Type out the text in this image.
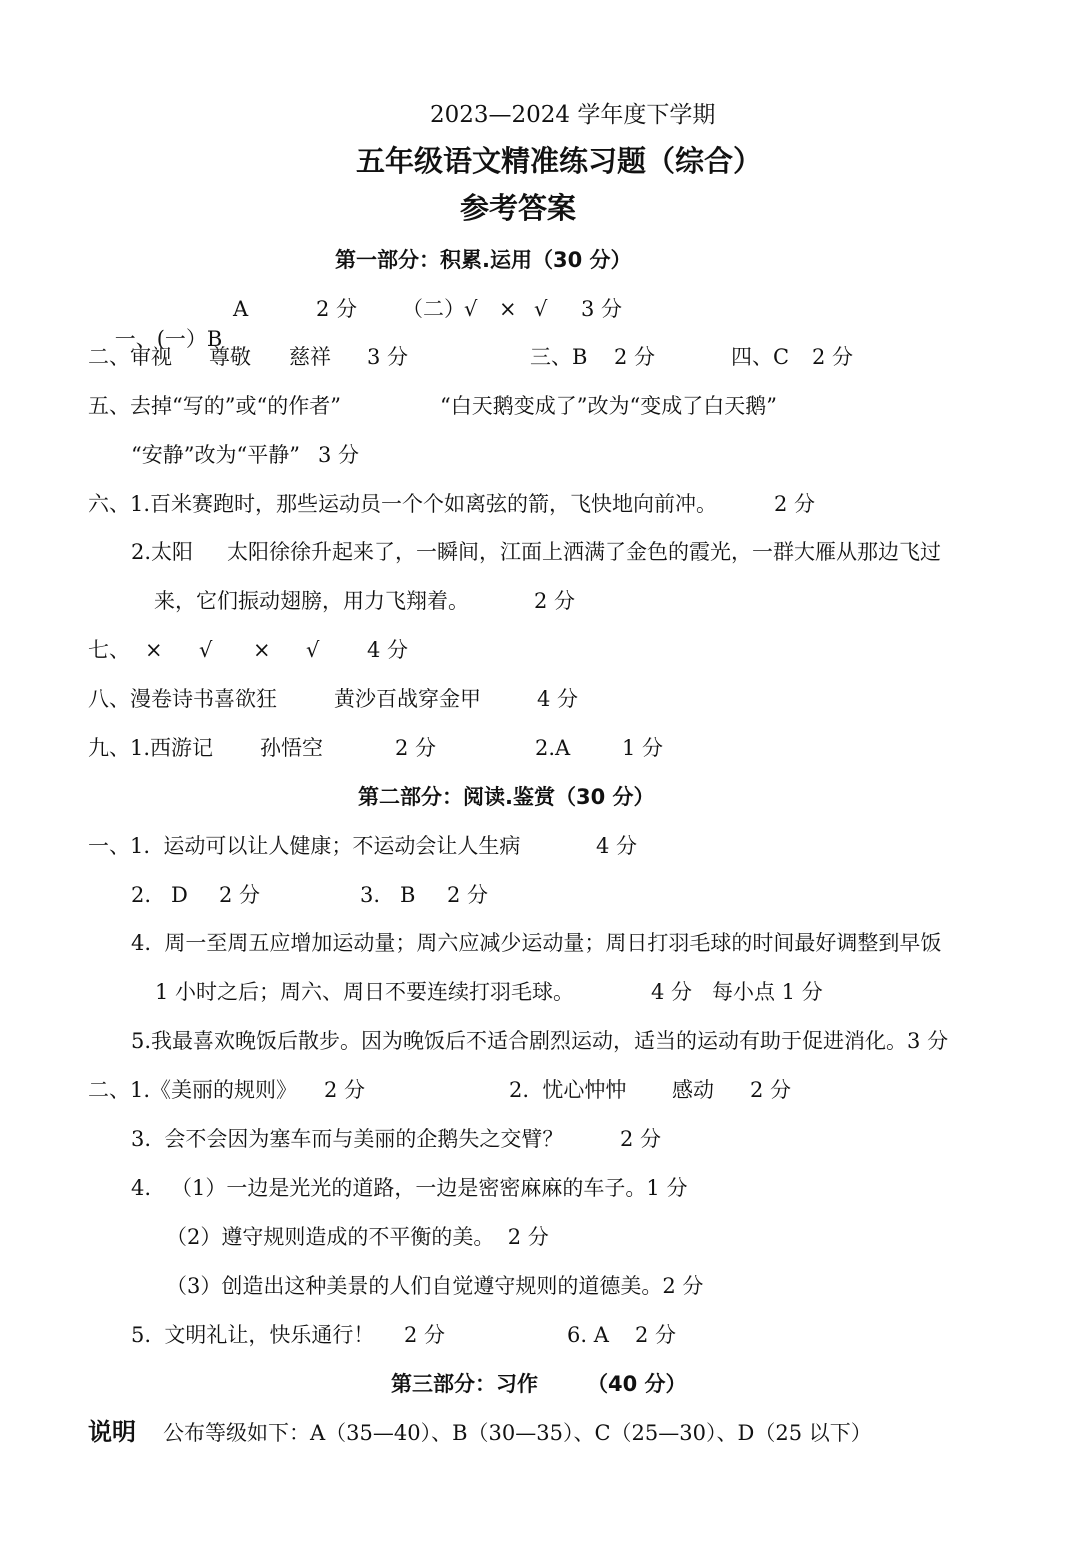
2023—2024 学年度下学期
五年级语文精准练习题（综合）
参考答案
第一部分：积累.运用（30 分）

一、(一）B

A	2 分 （二） √ × √ 3 分
二、审视 尊敬 慈祥 3 分	三、B 2 分	四、C 2 分
五、去掉“写的”或“的作者”	“白天鹅变成了”改为“变成了白天鹅”
“安静”改为“平静” 3 分
六、1.百米赛跑时，那些运动员一个个如离弦的箭，飞快地向前冲。	2 分
2.太阳 太阳徐徐升起来了，一瞬间，江面上洒满了金色的霞光，一群大雁从那边飞过
来，它们振动翅膀，用力飞翔着。	2 分
七、 × √ × √ 4 分
八、漫卷诗书喜欲狂	黄沙百战穿金甲	4 分
九、1.西游记 孙悟空	2 分	2.A 1 分
第二部分：阅读.鉴赏（30 分）
一、1.  运动可以让人健康；不运动会让人生病	4 分
2.   D 2 分	3.   B 2 分
4.  周一至周五应增加运动量；周六应减少运动量；周日打羽毛球的时间最好调整到早饭
1 小时之后；周六、周日不要连续打羽毛球。	4 分 每小点 1 分
5.我最喜欢晚饭后散步。因为晚饭后不适合剧烈运动，适当的运动有助于促进消化。3 分
二、1.《美丽的规则》 2 分	2.  忧心忡忡 感动 2 分
3.  会不会因为塞车而与美丽的企鹅失之交臂？	2 分
4.   （1）一边是光光的道路，一边是密密麻麻的车子。1 分
（2）遵守规则造成的不平衡的美。  2 分
（3）创造出这种美景的人们自觉遵守规则的道德美。2 分
5.  文明礼让，快乐通行！ 2 分	6. A 2 分
第三部分：习作 （40 分）
说明 公布等级如下：A（35—40）、B（30—35）、C（25—30）、D（25 以下）
